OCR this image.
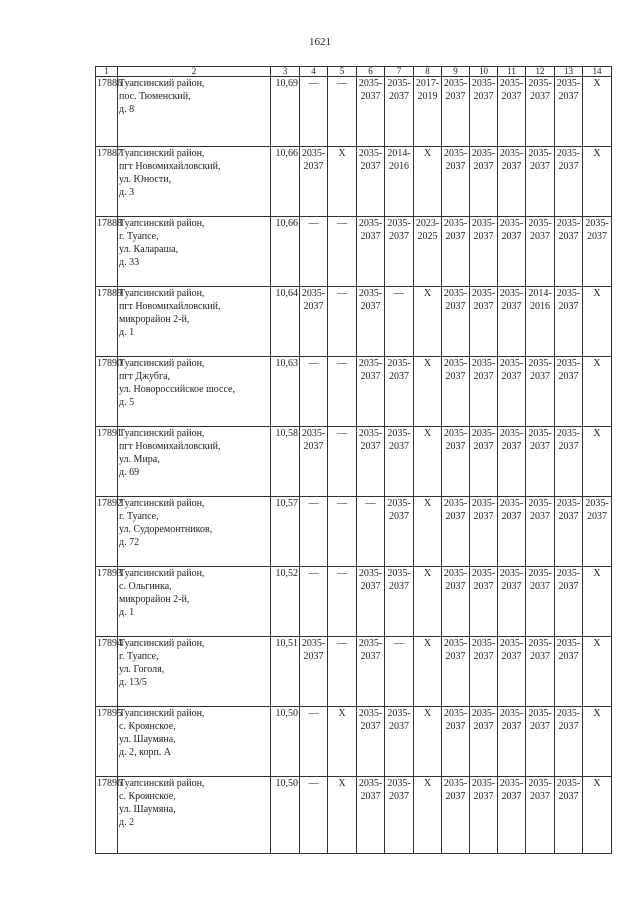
1621
1	2	3	4	5	6	7	8	9	10	11	12	13	14
17886	Туапсинский район,
пос. Тюменский,
д. 8	10,69	—	—	2035-
2037	2035-
2037	2017-
2019	2035-
2037	2035-
2037	2035-
2037	2035-
2037	2035-
2037	X
17887	Туапсинский район,
пгт Новомихайловский,
ул. Юности,
д. 3	10,66	2035-
2037	X	2035-
2037	2014-
2016	X	2035-
2037	2035-
2037	2035-
2037	2035-
2037	2035-
2037	X
17888	Туапсинский район,
г. Туапсе,
ул. Калараша,
д. 33	10,66	—	—	2035-
2037	2035-
2037	2023-
2025	2035-
2037	2035-
2037	2035-
2037	2035-
2037	2035-
2037	2035-
2037
17889	Туапсинский район,
пгт Новомихайловский,
микрорайон 2-й,
д. 1	10,64	2035-
2037	—	2035-
2037	—	X	2035-
2037	2035-
2037	2035-
2037	2014-
2016	2035-
2037	X
17890	Туапсинский район,
пгт Джубга,
ул. Новороссийское шоссе,
д. 5	10,63	—	—	2035-
2037	2035-
2037	X	2035-
2037	2035-
2037	2035-
2037	2035-
2037	2035-
2037	X
17891	Туапсинский район,
пгт Новомихайловский,
ул. Мира,
д. 69	10,58	2035-
2037	—	2035-
2037	2035-
2037	X	2035-
2037	2035-
2037	2035-
2037	2035-
2037	2035-
2037	X
17892	Туапсинский район,
г. Туапсе,
ул. Судоремонтников,
д. 72	10,57	—	—	—	2035-
2037	X	2035-
2037	2035-
2037	2035-
2037	2035-
2037	2035-
2037	2035-
2037
17893	Туапсинский район,
с. Ольгинка,
микрорайон 2-й,
д. 1	10,52	—	—	2035-
2037	2035-
2037	X	2035-
2037	2035-
2037	2035-
2037	2035-
2037	2035-
2037	X
17894	Туапсинский район,
г. Туапсе,
ул. Гоголя,
д. 13/5	10,51	2035-
2037	—	2035-
2037	—	X	2035-
2037	2035-
2037	2035-
2037	2035-
2037	2035-
2037	X
17895	Туапсинский район,
с. Кроянское,
ул. Шаумяна,
д. 2, корп. А	10,50	—	X	2035-
2037	2035-
2037	X	2035-
2037	2035-
2037	2035-
2037	2035-
2037	2035-
2037	X
17896	Туапсинский район,
с. Кроянское,
ул. Шаумяна,
д. 2	10,50	—	X	2035-
2037	2035-
2037	X	2035-
2037	2035-
2037	2035-
2037	2035-
2037	2035-
2037	X
